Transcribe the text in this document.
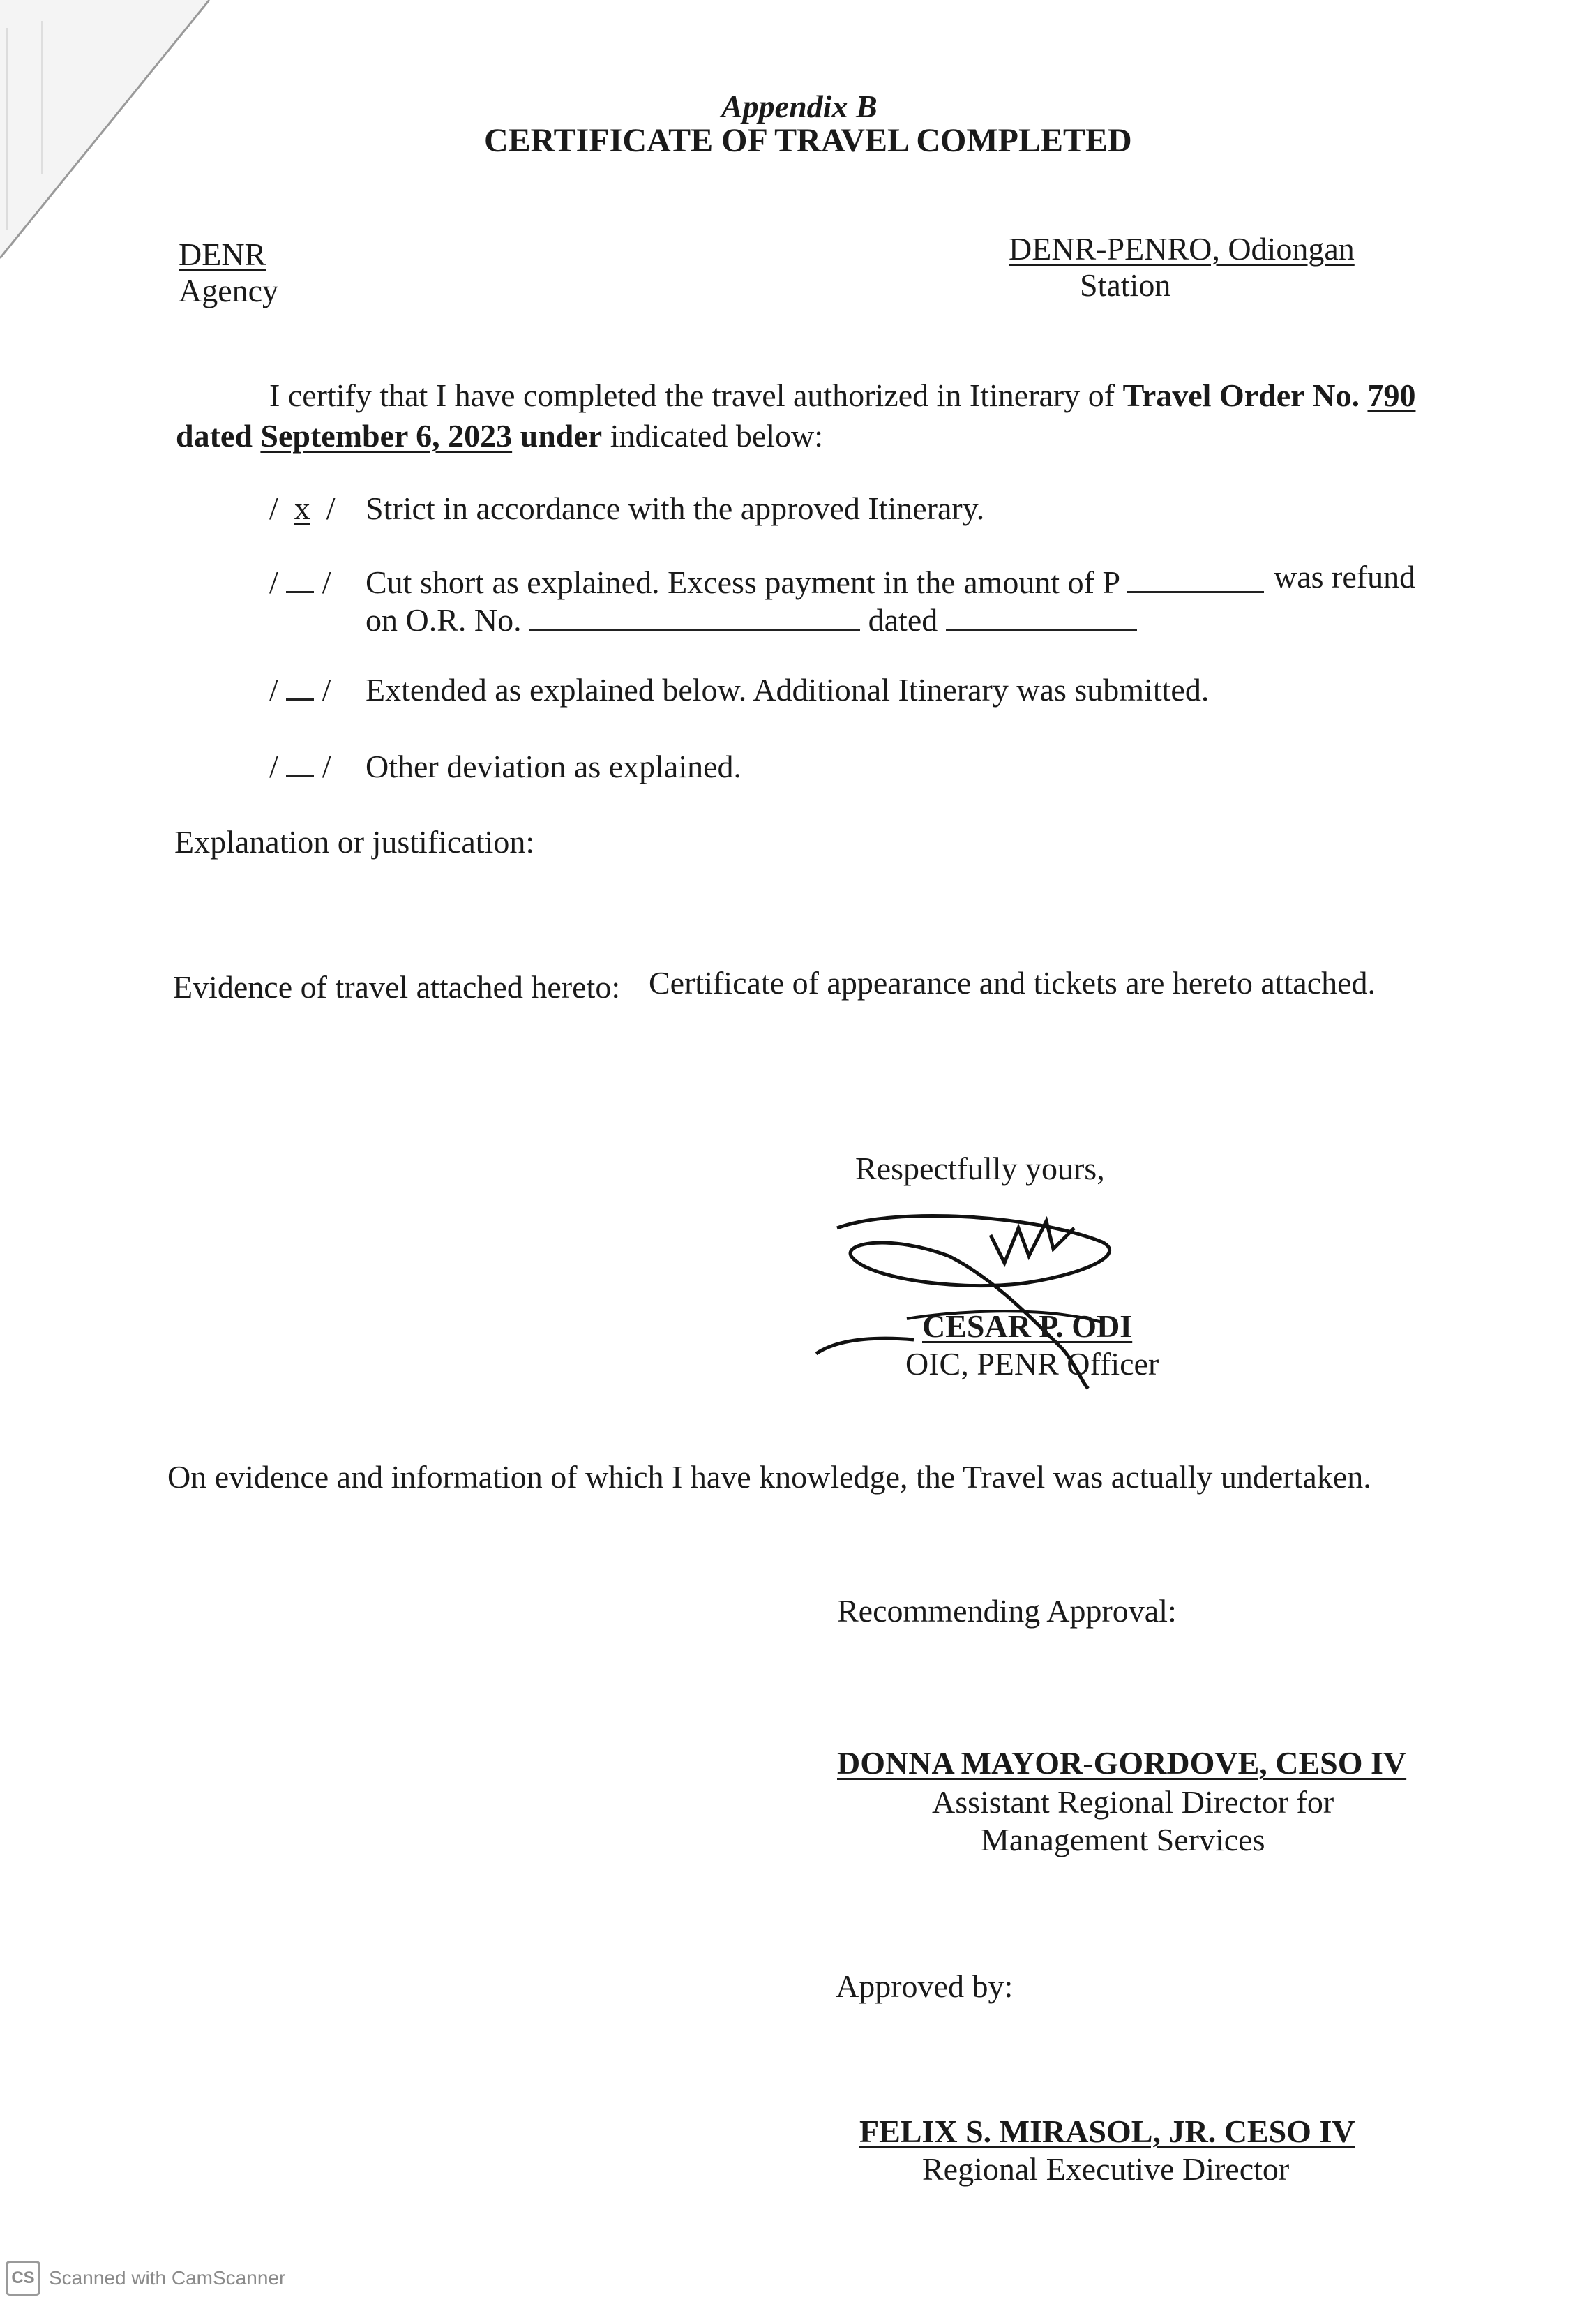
Appendix B
CERTIFICATE OF TRAVEL COMPLETED
DENR
Agency
DENR-PENRO, Odiongan
Station
I certify that I have completed the travel authorized in Itinerary of Travel Order No. 790
dated September 6, 2023 under indicated below:
/ x / Strict in accordance with the approved Itinerary.
/  / Cut short as explained. Excess payment in the amount of P	was refund
on O.R. No.	dated
/  / Extended as explained below. Additional Itinerary was submitted.
/  / Other deviation as explained.
Explanation or justification:
Evidence of travel attached hereto: Certificate of appearance and tickets are hereto attached.
Respectfully yours,
CESAR P. ODI
OIC, PENR Officer
On evidence and information of which I have knowledge, the Travel was actually undertaken.
Recommending Approval:
DONNA MAYOR-GORDOVE, CESO IV
Assistant Regional Director for
Management Services
Approved by:
FELIX S. MIRASOL, JR. CESO IV
Regional Executive Director
CS Scanned with CamScanner
